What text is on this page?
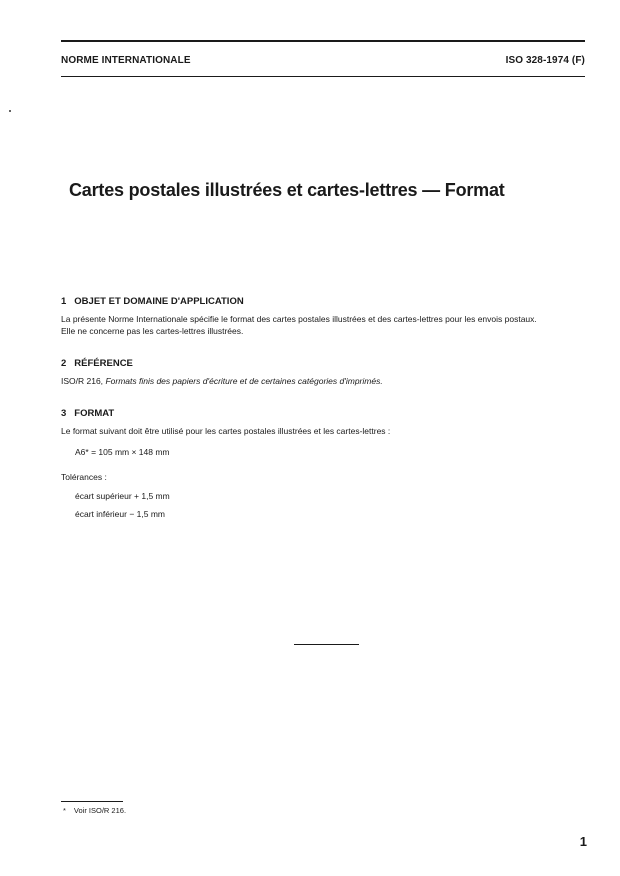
NORME INTERNATIONALE	ISO 328-1974 (F)
Cartes postales illustrées et cartes-lettres — Format
1 OBJET ET DOMAINE D'APPLICATION

La présente Norme Internationale spécifie le format des cartes postales illustrées et des cartes-lettres pour les envois postaux.

Elle ne concerne pas les cartes-lettres illustrées.

2 RÉFÉRENCE

ISO/R 216, Formats finis des papiers d'écriture et de certaines catégories d'imprimés.

3 FORMAT

Le format suivant doit être utilisé pour les cartes postales illustrées et les cartes-lettres :

A6* = 105 mm × 148 mm
Tolérances :
écart supérieur + 1,5 mm
écart inférieur − 1,5 mm
* Voir ISO/R 216.
1
